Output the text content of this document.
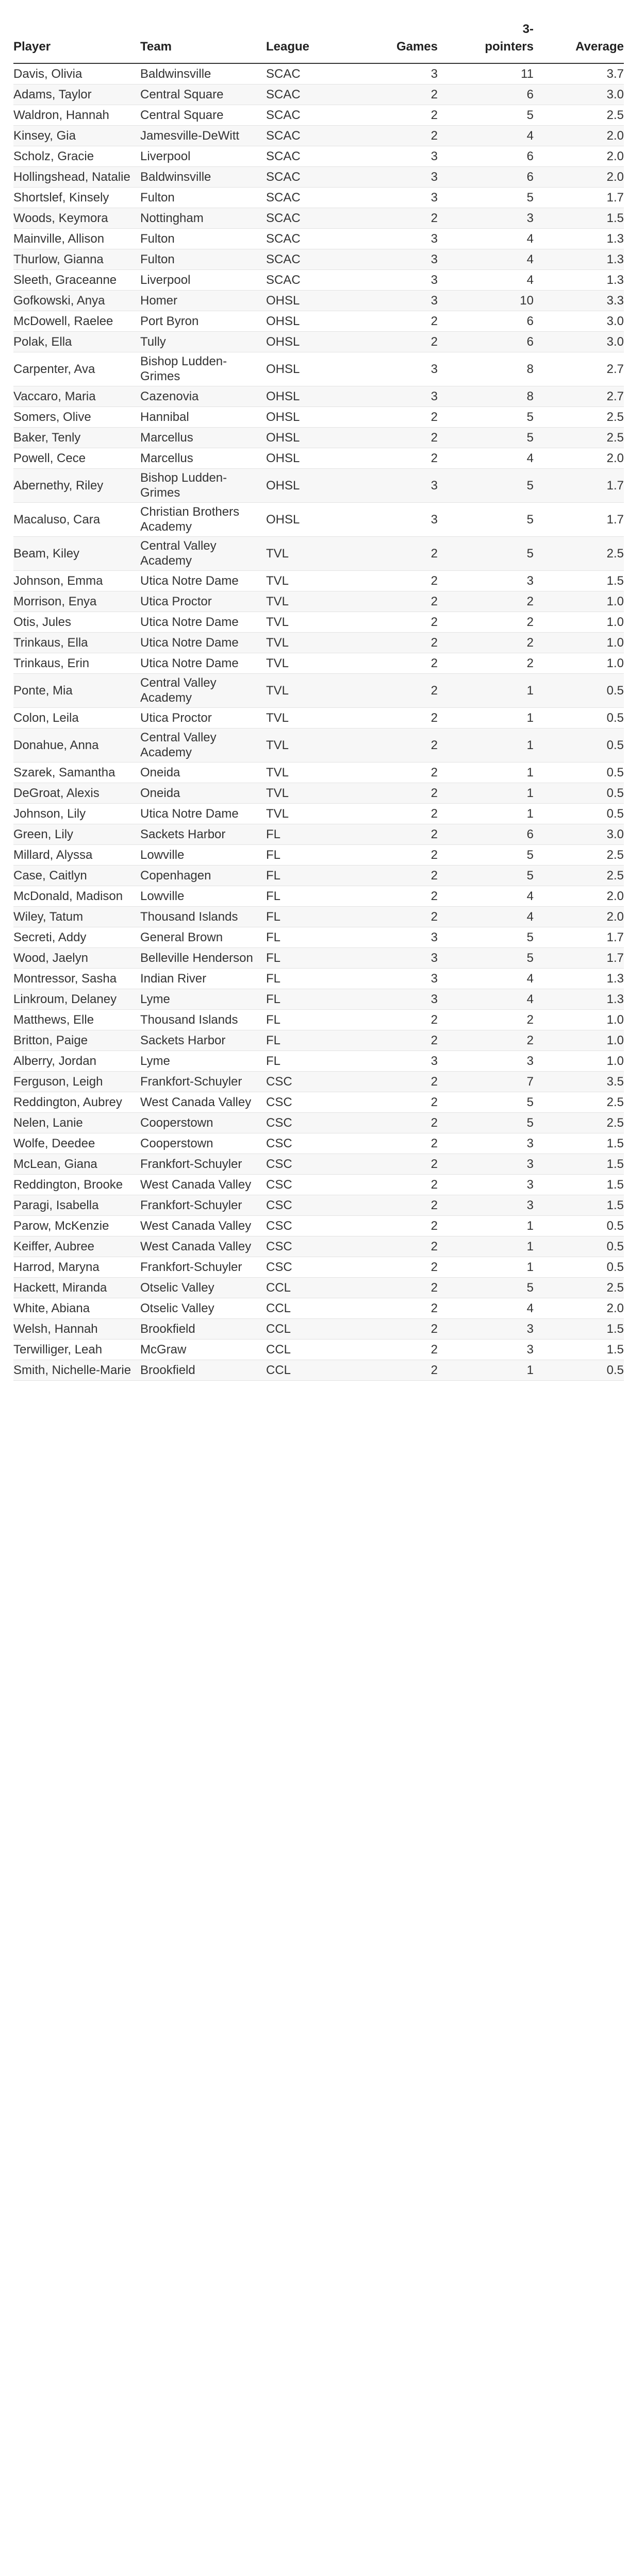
Player	Team	League	Games	3-pointers	Average
Davis, Olivia	Baldwinsville	SCAC	3	11	3.7
Adams, Taylor	Central Square	SCAC	2	6	3.0
Waldron, Hannah	Central Square	SCAC	2	5	2.5
Kinsey, Gia	Jamesville-DeWitt	SCAC	2	4	2.0
Scholz, Gracie	Liverpool	SCAC	3	6	2.0
Hollingshead, Natalie	Baldwinsville	SCAC	3	6	2.0
Shortslef, Kinsely	Fulton	SCAC	3	5	1.7
Woods, Keymora	Nottingham	SCAC	2	3	1.5
Mainville, Allison	Fulton	SCAC	3	4	1.3
Thurlow, Gianna	Fulton	SCAC	3	4	1.3
Sleeth, Graceanne	Liverpool	SCAC	3	4	1.3
Gofkowski, Anya	Homer	OHSL	3	10	3.3
McDowell, Raelee	Port Byron	OHSL	2	6	3.0
Polak, Ella	Tully	OHSL	2	6	3.0
Carpenter, Ava	Bishop Ludden-Grimes	OHSL	3	8	2.7
Vaccaro, Maria	Cazenovia	OHSL	3	8	2.7
Somers, Olive	Hannibal	OHSL	2	5	2.5
Baker, Tenly	Marcellus	OHSL	2	5	2.5
Powell, Cece	Marcellus	OHSL	2	4	2.0
Abernethy, Riley	Bishop Ludden-Grimes	OHSL	3	5	1.7
Macaluso, Cara	Christian Brothers Academy	OHSL	3	5	1.7
Beam, Kiley	Central Valley Academy	TVL	2	5	2.5
Johnson, Emma	Utica Notre Dame	TVL	2	3	1.5
Morrison, Enya	Utica Proctor	TVL	2	2	1.0
Otis, Jules	Utica Notre Dame	TVL	2	2	1.0
Trinkaus, Ella	Utica Notre Dame	TVL	2	2	1.0
Trinkaus, Erin	Utica Notre Dame	TVL	2	2	1.0
Ponte, Mia	Central Valley Academy	TVL	2	1	0.5
Colon, Leila	Utica Proctor	TVL	2	1	0.5
Donahue, Anna	Central Valley Academy	TVL	2	1	0.5
Szarek, Samantha	Oneida	TVL	2	1	0.5
DeGroat, Alexis	Oneida	TVL	2	1	0.5
Johnson, Lily	Utica Notre Dame	TVL	2	1	0.5
Green, Lily	Sackets Harbor	FL	2	6	3.0
Millard, Alyssa	Lowville	FL	2	5	2.5
Case, Caitlyn	Copenhagen	FL	2	5	2.5
McDonald, Madison	Lowville	FL	2	4	2.0
Wiley, Tatum	Thousand Islands	FL	2	4	2.0
Secreti, Addy	General Brown	FL	3	5	1.7
Wood, Jaelyn	Belleville Henderson	FL	3	5	1.7
Montressor, Sasha	Indian River	FL	3	4	1.3
Linkroum, Delaney	Lyme	FL	3	4	1.3
Matthews, Elle	Thousand Islands	FL	2	2	1.0
Britton, Paige	Sackets Harbor	FL	2	2	1.0
Alberry, Jordan	Lyme	FL	3	3	1.0
Ferguson, Leigh	Frankfort-Schuyler	CSC	2	7	3.5
Reddington, Aubrey	West Canada Valley	CSC	2	5	2.5
Nelen, Lanie	Cooperstown	CSC	2	5	2.5
Wolfe, Deedee	Cooperstown	CSC	2	3	1.5
McLean, Giana	Frankfort-Schuyler	CSC	2	3	1.5
Reddington, Brooke	West Canada Valley	CSC	2	3	1.5
Paragi, Isabella	Frankfort-Schuyler	CSC	2	3	1.5
Parow, McKenzie	West Canada Valley	CSC	2	1	0.5
Keiffer, Aubree	West Canada Valley	CSC	2	1	0.5
Harrod, Maryna	Frankfort-Schuyler	CSC	2	1	0.5
Hackett, Miranda	Otselic Valley	CCL	2	5	2.5
White, Abiana	Otselic Valley	CCL	2	4	2.0
Welsh, Hannah	Brookfield	CCL	2	3	1.5
Terwilliger, Leah	McGraw	CCL	2	3	1.5
Smith, Nichelle-Marie	Brookfield	CCL	2	1	0.5
